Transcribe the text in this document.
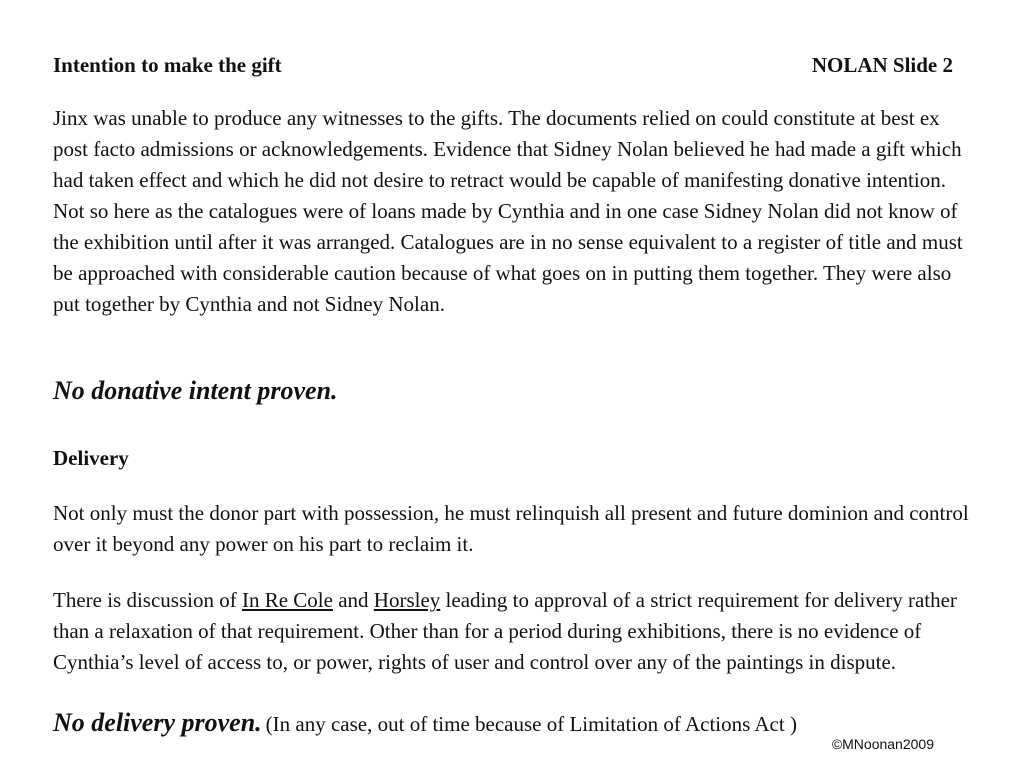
Intention to make the gift	NOLAN Slide 2

Jinx was unable to produce any witnesses to the gifts. The documents relied on could constitute at best ex post facto admissions or acknowledgements. Evidence that Sidney Nolan believed he had made a gift which had taken effect and which he did not desire to retract would be capable of manifesting donative intention. Not so here as the catalogues were of loans made by Cynthia and in one case Sidney Nolan did not know of the exhibition until after it was arranged. Catalogues are in no sense equivalent to a register of title and must be approached with considerable caution because of what goes on in putting them together. They were also put together by Cynthia and not Sidney Nolan.

No donative intent proven.
Delivery

Not only must the donor part with possession, he must relinquish all present and future dominion and control over it beyond any power on his part to reclaim it.

There is discussion of In Re Cole and Horsley leading to approval of a strict requirement for delivery rather than a relaxation of that requirement. Other than for a period during exhibitions, there is no evidence of Cynthia’s level of access to, or power, rights of user and control over any of the paintings in dispute.

No delivery proven. (In any case, out of time because of Limitation of Actions Act )
©MNoonan2009
